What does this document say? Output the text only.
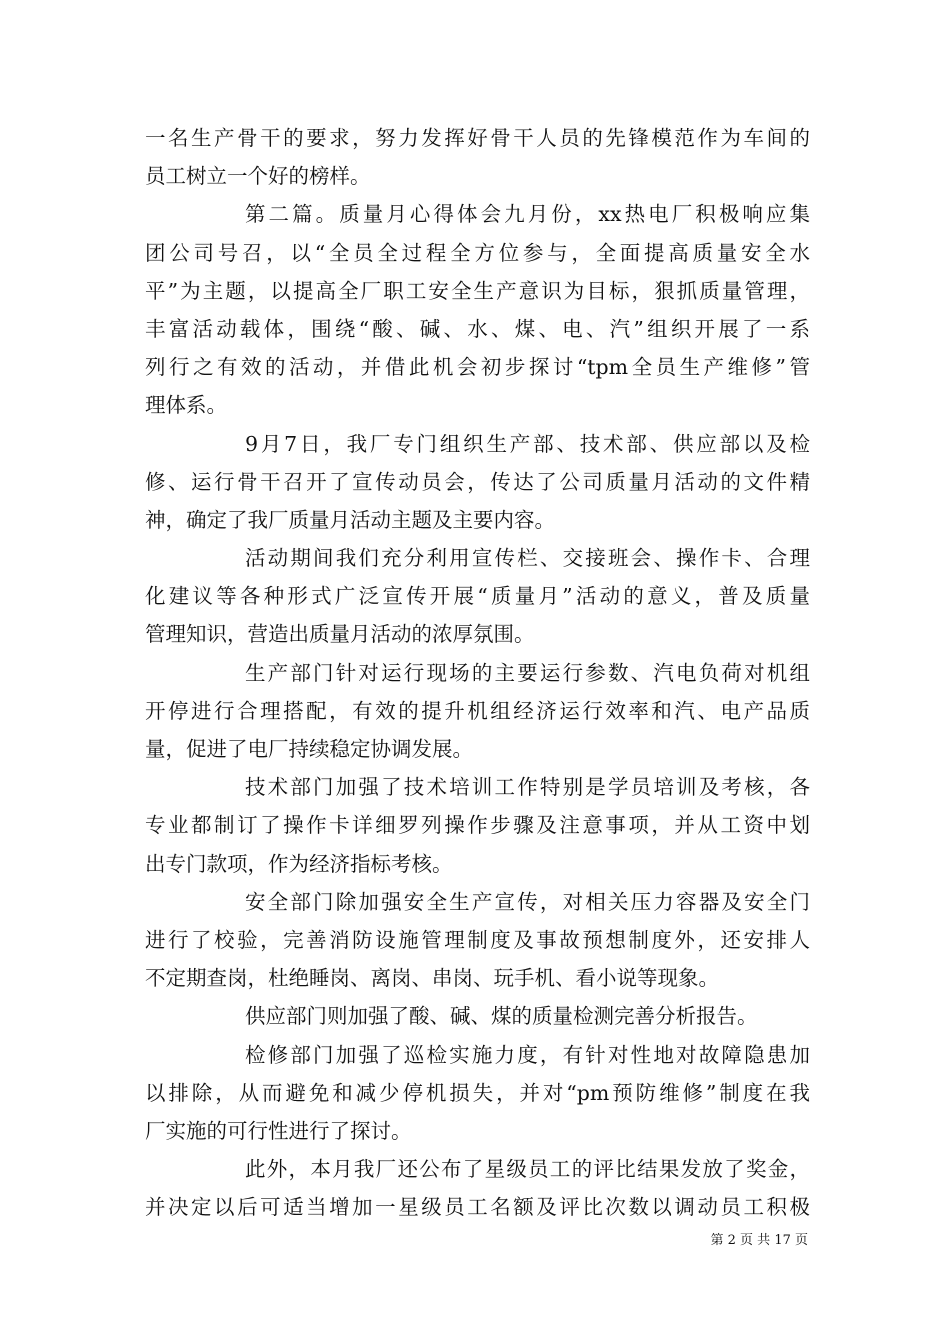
一名生产骨干的要求，努力发挥好骨干人员的先锋模范作为车间的
员工树立一个好的榜样。
第二篇。质量月心得体会九月份，xx热电厂积极响应集
团公司号召，以“全员全过程全方位参与，全面提高质量安全水
平”为主题，以提高全厂职工安全生产意识为目标，狠抓质量管理，
丰富活动载体，围绕“酸、碱、水、煤、电、汽”组织开展了一系
列行之有效的活动，并借此机会初步探讨“tpm全员生产维修”管
理体系。
9月7日，我厂专门组织生产部、技术部、供应部以及检
修、运行骨干召开了宣传动员会，传达了公司质量月活动的文件精
神，确定了我厂质量月活动主题及主要内容。
活动期间我们充分利用宣传栏、交接班会、操作卡、合理
化建议等各种形式广泛宣传开展“质量月”活动的意义，普及质量
管理知识，营造出质量月活动的浓厚氛围。
生产部门针对运行现场的主要运行参数、汽电负荷对机组
开停进行合理搭配，有效的提升机组经济运行效率和汽、电产品质
量，促进了电厂持续稳定协调发展。
技术部门加强了技术培训工作特别是学员培训及考核，各
专业都制订了操作卡详细罗列操作步骤及注意事项，并从工资中划
出专门款项，作为经济指标考核。
安全部门除加强安全生产宣传，对相关压力容器及安全门
进行了校验，完善消防设施管理制度及事故预想制度外，还安排人
不定期查岗，杜绝睡岗、离岗、串岗、玩手机、看小说等现象。
供应部门则加强了酸、碱、煤的质量检测完善分析报告。
检修部门加强了巡检实施力度，有针对性地对故障隐患加
以排除，从而避免和减少停机损失，并对“pm预防维修”制度在我
厂实施的可行性进行了探讨。
此外，本月我厂还公布了星级员工的评比结果发放了奖金，
并决定以后可适当增加一星级员工名额及评比次数以调动员工积极
第 2 页 共 17 页
